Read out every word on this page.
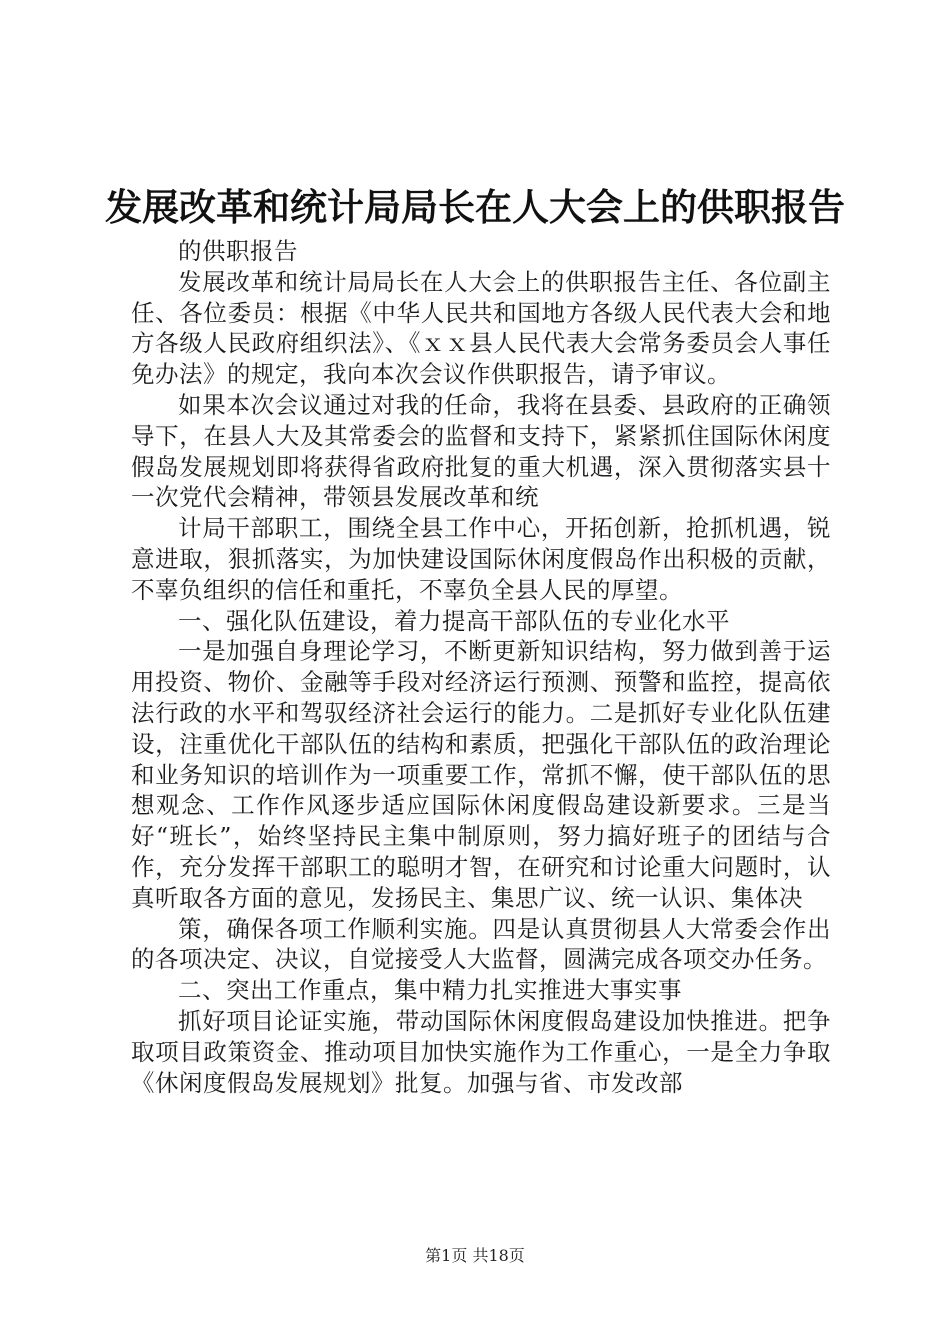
发展改革和统计局局长在人大会上的供职报告

的供职报告

发展改革和统计局局长在人大会上的供职报告主任、各位副主任、各位委员：根据《中华人民共和国地方各级人民代表大会和地方各级人民政府组织法》、《ｘｘ县人民代表大会常务委员会人事任免办法》的规定，我向本次会议作供职报告，请予审议。

如果本次会议通过对我的任命，我将在县委、县政府的正确领导下，在县人大及其常委会的监督和支持下，紧紧抓住国际休闲度假岛发展规划即将获得省政府批复的重大机遇，深入贯彻落实县十一次党代会精神，带领县发展改革和统

计局干部职工，围绕全县工作中心，开拓创新，抢抓机遇，锐意进取，狠抓落实，为加快建设国际休闲度假岛作出积极的贡献，不辜负组织的信任和重托，不辜负全县人民的厚望。

一、强化队伍建设，着力提高干部队伍的专业化水平

一是加强自身理论学习，不断更新知识结构，努力做到善于运用投资、物价、金融等手段对经济运行预测、预警和监控，提高依法行政的水平和驾驭经济社会运行的能力。二是抓好专业化队伍建设，注重优化干部队伍的结构和素质，把强化干部队伍的政治理论和业务知识的培训作为一项重要工作，常抓不懈，使干部队伍的思想观念、工作作风逐步适应国际休闲度假岛建设新要求。三是当好“班长”，始终坚持民主集中制原则，努力搞好班子的团结与合作，充分发挥干部职工的聪明才智，在研究和讨论重大问题时，认真听取各方面的意见，发扬民主、集思广议、统一认识、集体决

策，确保各项工作顺利实施。四是认真贯彻县人大常委会作出的各项决定、决议，自觉接受人大监督，圆满完成各项交办任务。

二、突出工作重点，集中精力扎实推进大事实事

抓好项目论证实施，带动国际休闲度假岛建设加快推进。把争取项目政策资金、推动项目加快实施作为工作重心，一是全力争取《休闲度假岛发展规划》批复。加强与省、市发改部

第1页 共18页
